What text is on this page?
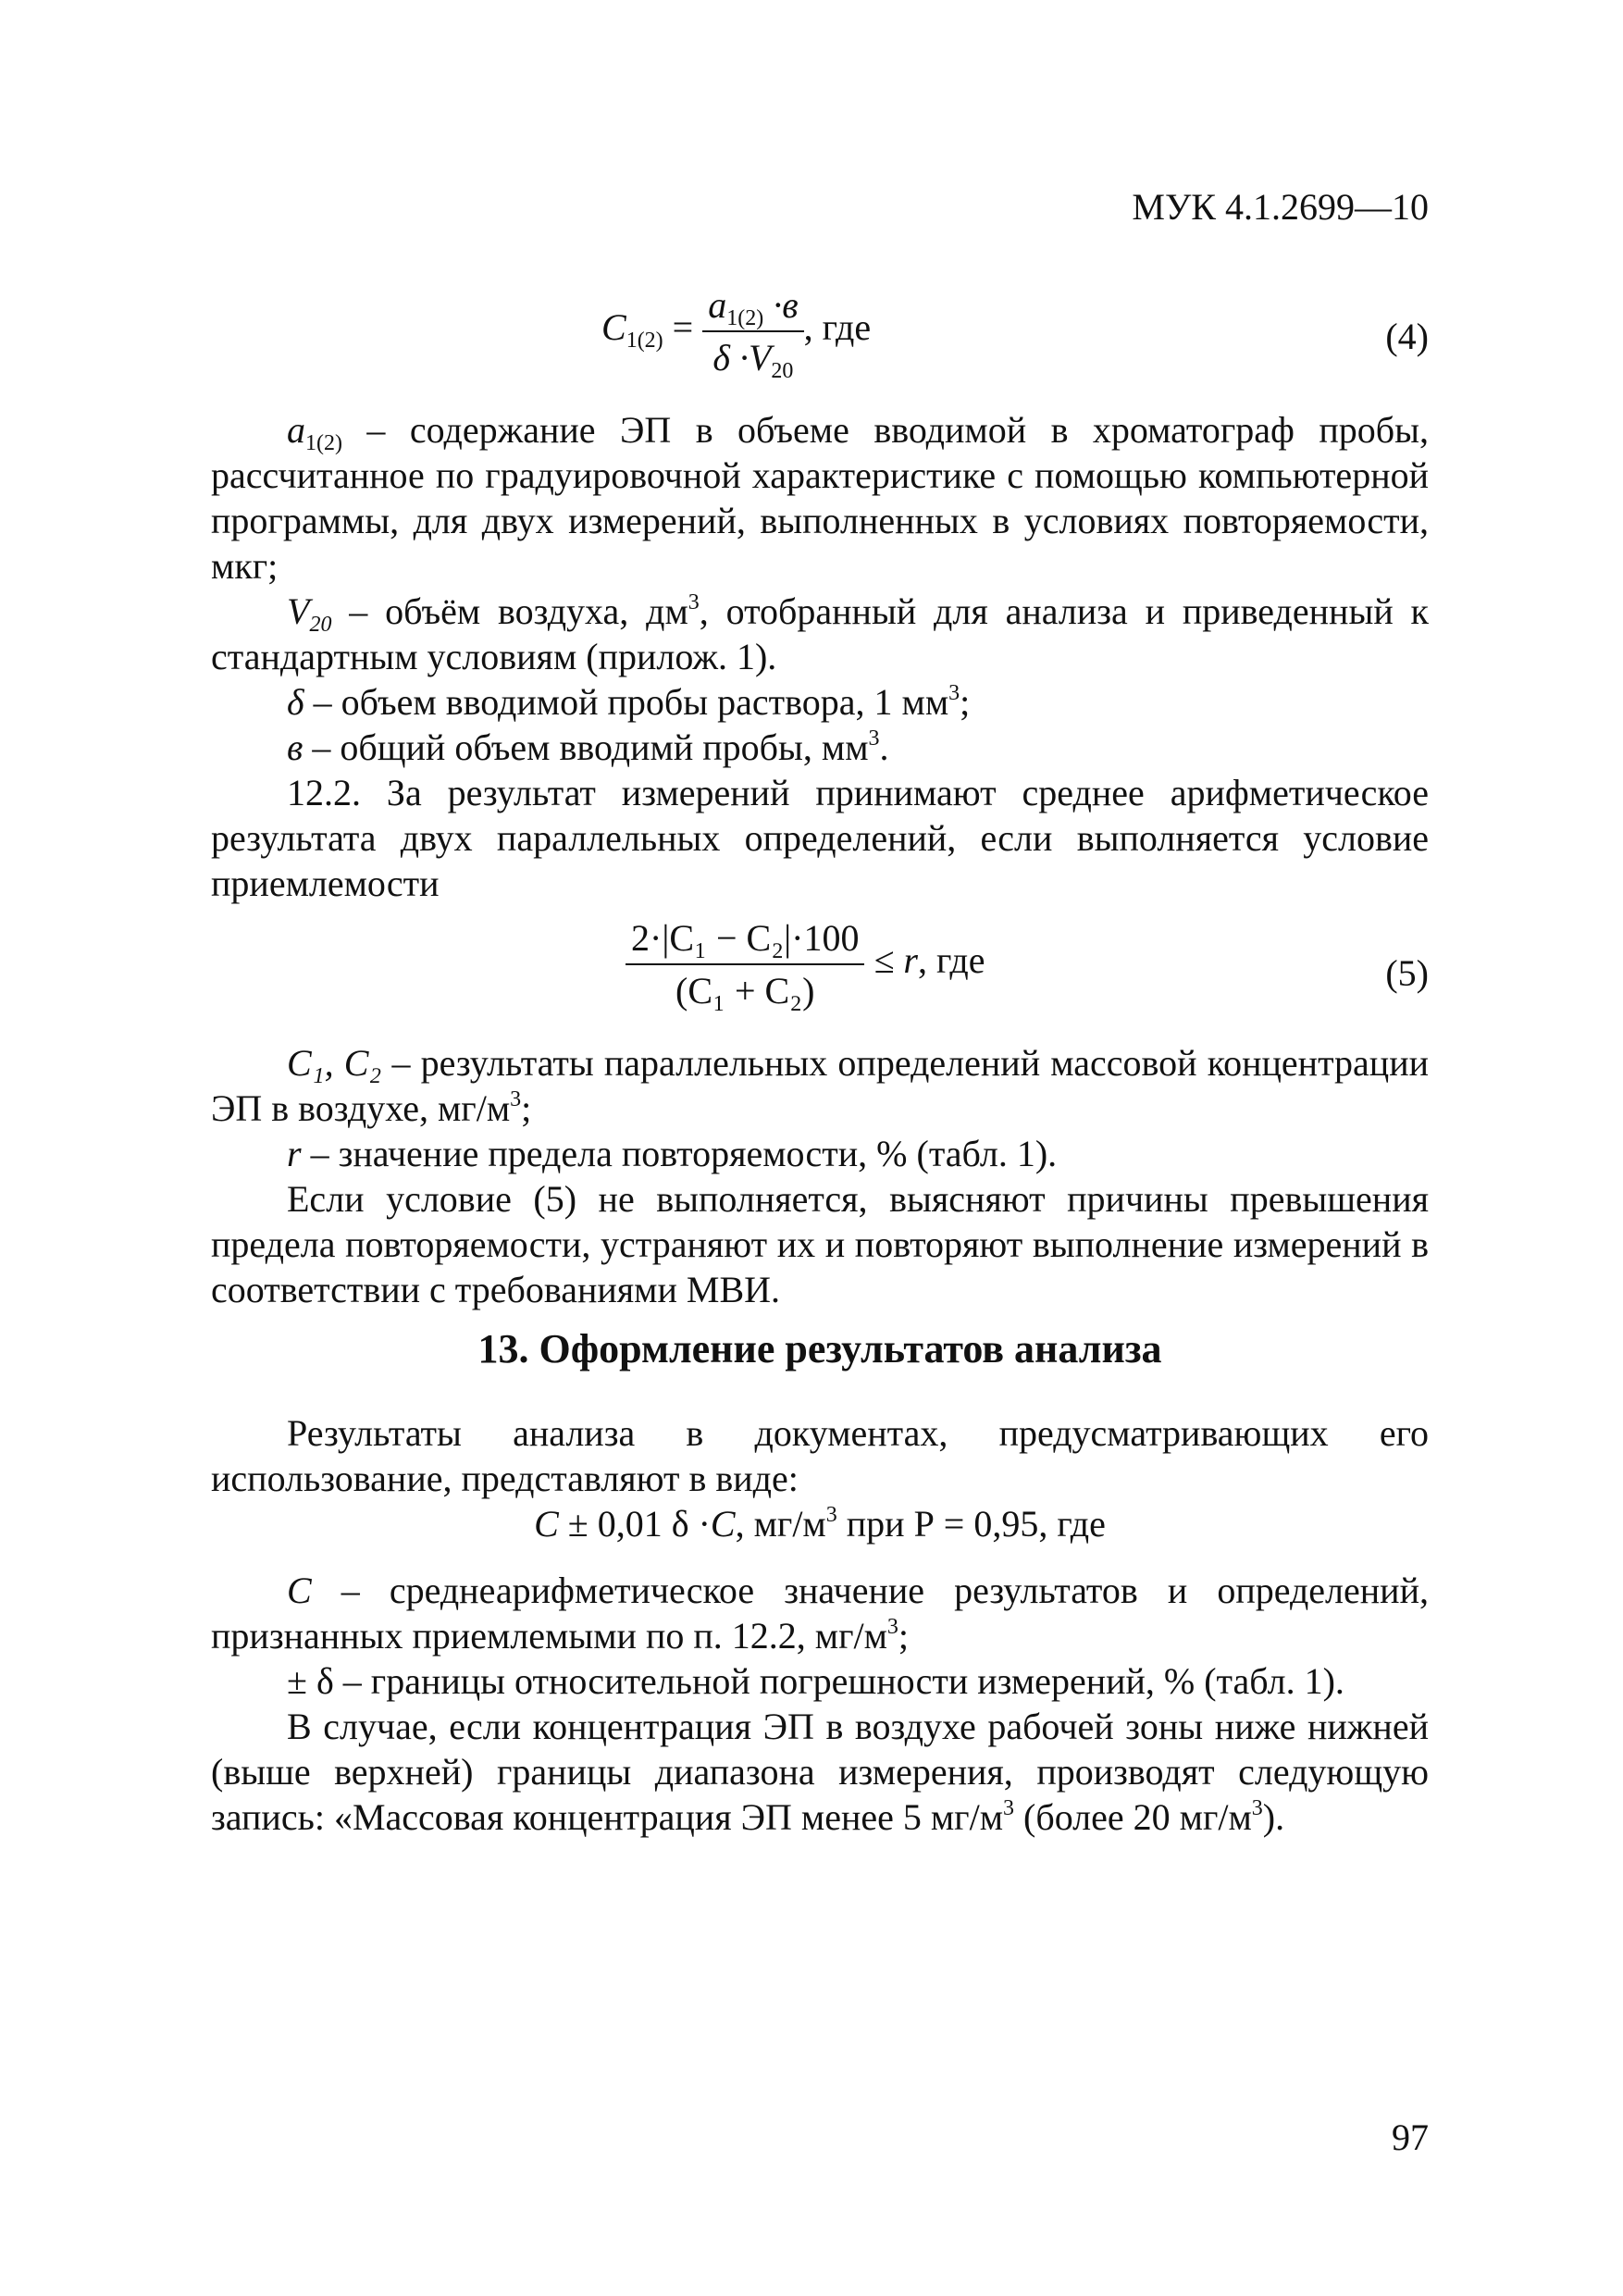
МУК 4.1.2699—10
$C_{1(2)} = \frac{a_{1(2)} \cdot в}{\delta \cdot V_{20}}$ , где	(4)
$a_{1(2)}$ – содержание ЭП в объеме вводимой в хроматограф пробы, рассчитанное по градуировочной характеристике с помощью компьютерной программы, для двух измерений, выполненных в условиях повторяемости, мкг;
$V_{20}$ – объём воздуха, $дм^3$, отобранный для анализа и приведенный к стандартным условиям (прилож. 1).
δ – объем вводимой пробы раствора, 1 $мм^3$;
в – общий объем вводимй пробы, $мм^3$.
12.2. За результат измерений принимают среднее арифметическое результата двух параллельных определений, если выполняется условие приемлемости
$\frac{\text{2·|C₁ − C₂|·100}}{\text{(C₁ + C₂)}} \le r$, где	(5)
C₁, C₂ – результаты параллельных определений массовой концентрации ЭП в воздухе, $мг/м^3$;
r – значение предела повторяемости, % (табл. 1).
Если условие (5) не выполняется, выясняют причины превышения предела повторяемости, устраняют их и повторяют выполнение измерений в соответствии с требованиями МВИ.
13. Оформление результатов анализа
Результаты анализа в документах, предусматривающих его использование, представляют в виде:
C ± 0,01 δ ·C, $мг/м^3$ при Р = 0,95, где
C – среднеарифметическое значение результатов и определений, признанных приемлемыми по п. 12.2, $мг/м^3$;
± δ – границы относительной погрешности измерений, % (табл. 1).
В случае, если концентрация ЭП в воздухе рабочей зоны ниже нижней (выше верхней) границы диапазона измерения, производят следующую запись: «Массовая концентрация ЭП менее 5 $мг/м^3$ (более 20 $мг/м^3$).
97
